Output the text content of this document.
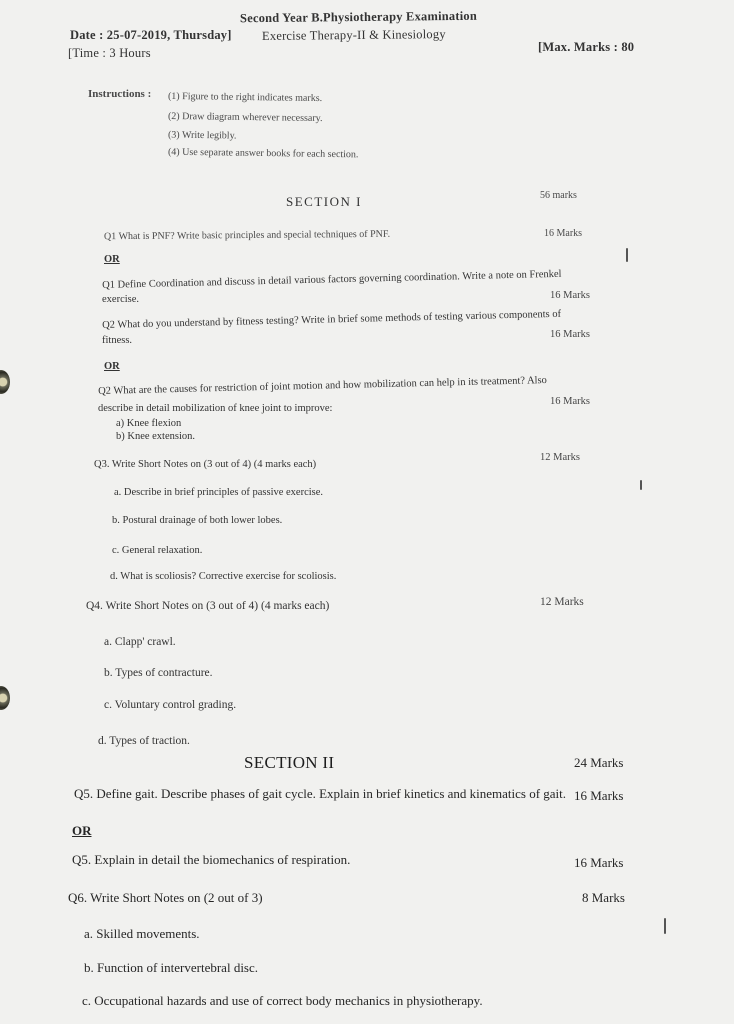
Second Year B.Physiotherapy Examination
Exercise Therapy-II & Kinesiology
Date : 25-07-2019, Thursday]
[Time : 3 Hours	[Max. Marks : 80
Instructions : (1) Figure to the right indicates marks.
(2) Draw diagram wherever necessary.
(3) Write legibly.
(4) Use separate answer books for each section.
SECTION I	56 marks
Q1 What is PNF? Write basic principles and special techniques of PNF.	16 Marks
OR
Q1 Define Coordination and discuss in detail various factors governing coordination. Write a note on Frenkel
exercise.	16 Marks
Q2 What do you understand by fitness testing? Write in brief some methods of testing various components of
fitness.
16 Marks
OR
Q2 What are the causes for restriction of joint motion and how mobilization can help in its treatment? Also
describe in detail mobilization of knee joint to improve:
16 Marks
a) Knee flexion
b) Knee extension.
Q3. Write Short Notes on (3 out of 4) (4 marks each)
12 Marks
a. Describe in brief principles of passive exercise.
b. Postural drainage of both lower lobes.
c. General relaxation.
d. What is scoliosis? Corrective exercise for scoliosis.
Q4. Write Short Notes on (3 out of 4) (4 marks each)	12 Marks
a. Clapp' crawl.
b. Types of contracture.
c. Voluntary control grading.
d. Types of traction.
SECTION II	24 Marks
Q5. Define gait. Describe phases of gait cycle. Explain in brief kinetics and kinematics of gait. 16 Marks
OR
Q5. Explain in detail the biomechanics of respiration.	16 Marks
Q6. Write Short Notes on (2 out of 3)	8 Marks
a. Skilled movements.
b. Function of intervertebral disc.
c. Occupational hazards and use of correct body mechanics in physiotherapy.
